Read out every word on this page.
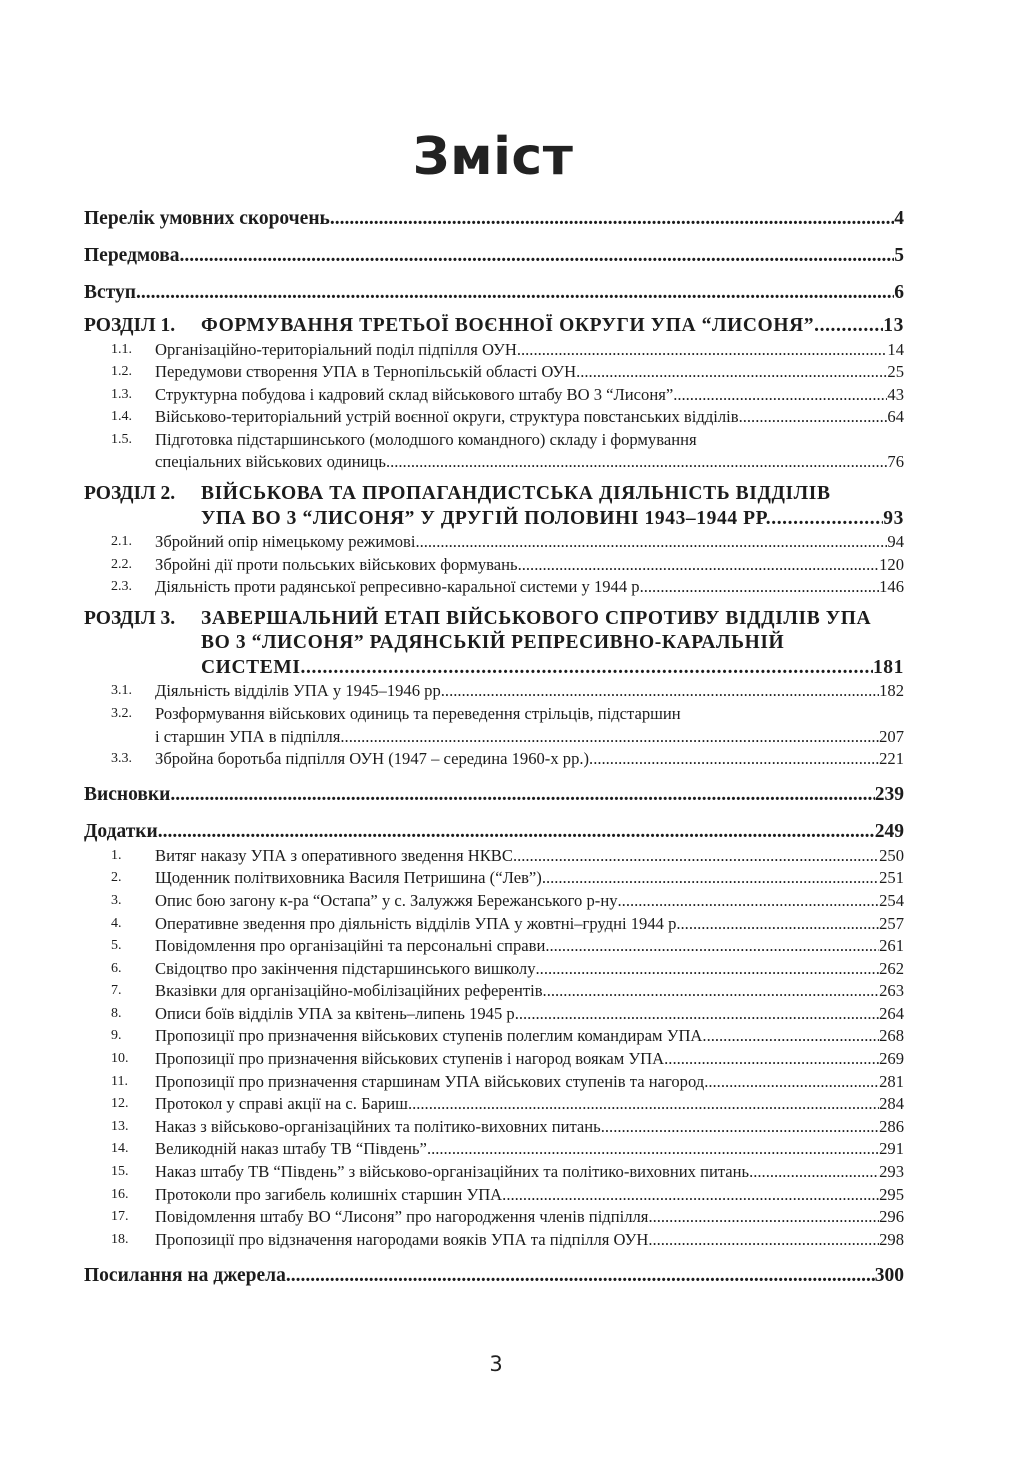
Зміст
Перелік умовних скорочень .....	4
Передмова .....	5
Вступ .....	6
РОЗДІЛ 1. ФОРМУВАННЯ ТРЕТЬОЇ ВОЄННОЇ ОКРУГИ УПА “ЛИСОНЯ” .....	13
1.1. Організаційно-територіальний поділ підпілля ОУН .....	14
1.2. Передумови створення УПА в Тернопільській області ОУН .....	25
1.3. Структурна побудова і кадровий склад військового штабу ВО 3 “Лисоня” .....	43
1.4. Військово-територіальний устрій воєнної округи, структура повстанських відділів .....	64
1.5. Підготовка підстаршинського (молодшого командного) складу і формування
спеціальних військових одиниць .....	76
РОЗДІЛ 2. ВІЙСЬКОВА ТА ПРОПАГАНДИСТСЬКА ДІЯЛЬНІСТЬ ВІДДІЛІВ
УПА ВО 3 “ЛИСОНЯ” У ДРУГІЙ ПОЛОВИНІ 1943–1944 РР. .....	93
2.1. Збройний опір німецькому режимові .....	94
2.2. Збройні дії проти польських військових формувань .....	120
2.3. Діяльність проти радянської репресивно-каральної системи у 1944 р. .....	146
РОЗДІЛ 3. ЗАВЕРШАЛЬНИЙ ЕТАП ВІЙСЬКОВОГО СПРОТИВУ ВІДДІЛІВ УПА
ВО 3 “ЛИСОНЯ” РАДЯНСЬКІЙ РЕПРЕСИВНО-КАРАЛЬНІЙ
СИСТЕМІ .....	181
3.1. Діяльність відділів УПА у 1945–1946 рр. .....	182
3.2. Розформування військових одиниць та переведення стрільців, підстаршин
і старшин УПА в підпілля .....	207
3.3. Збройна боротьба підпілля ОУН (1947 – середина 1960-х рр.) .....	221
Висновки .....	239
Додатки .....	249
1. Витяг наказу УПА з оперативного зведення НКВС .....	250
2. Щоденник політвиховника Василя Петришина (“Лев”) .....	251
3. Опис бою загону к-ра “Остапа” у с. Залужжя Бережанського р-ну .....	254
4. Оперативне зведення про діяльність відділів УПА у жовтні–грудні 1944 р. .....	257
5. Повідомлення про організаційні та персональні справи .....	261
6. Свідоцтво про закінчення підстаршинського вишколу .....	262
7. Вказівки для організаційно-мобілізаційних референтів .....	263
8. Описи боїв відділів УПА за квітень–липень 1945 р. .....	264
9. Пропозиції про призначення військових ступенів полеглим командирам УПА .....	268
10. Пропозиції про призначення військових ступенів і нагород воякам УПА .....	269
11. Пропозиції про призначення старшинам УПА військових ступенів та нагород .....	281
12. Протокол у справі акції на с. Бариш .....	284
13. Наказ з військово-організаційних та політико-виховних питань .....	286
14. Великодній наказ штабу ТВ “Південь” .....	291
15. Наказ штабу ТВ “Південь” з військово-організаційних та політико-виховних питань .....	293
16. Протоколи про загибель колишніх старшин УПА .....	295
17. Повідомлення штабу ВО “Лисоня” про нагородження членів підпілля .....	296
18. Пропозиції про відзначення нагородами вояків УПА та підпілля ОУН .....	298
Посилання на джерела .....	300
3
